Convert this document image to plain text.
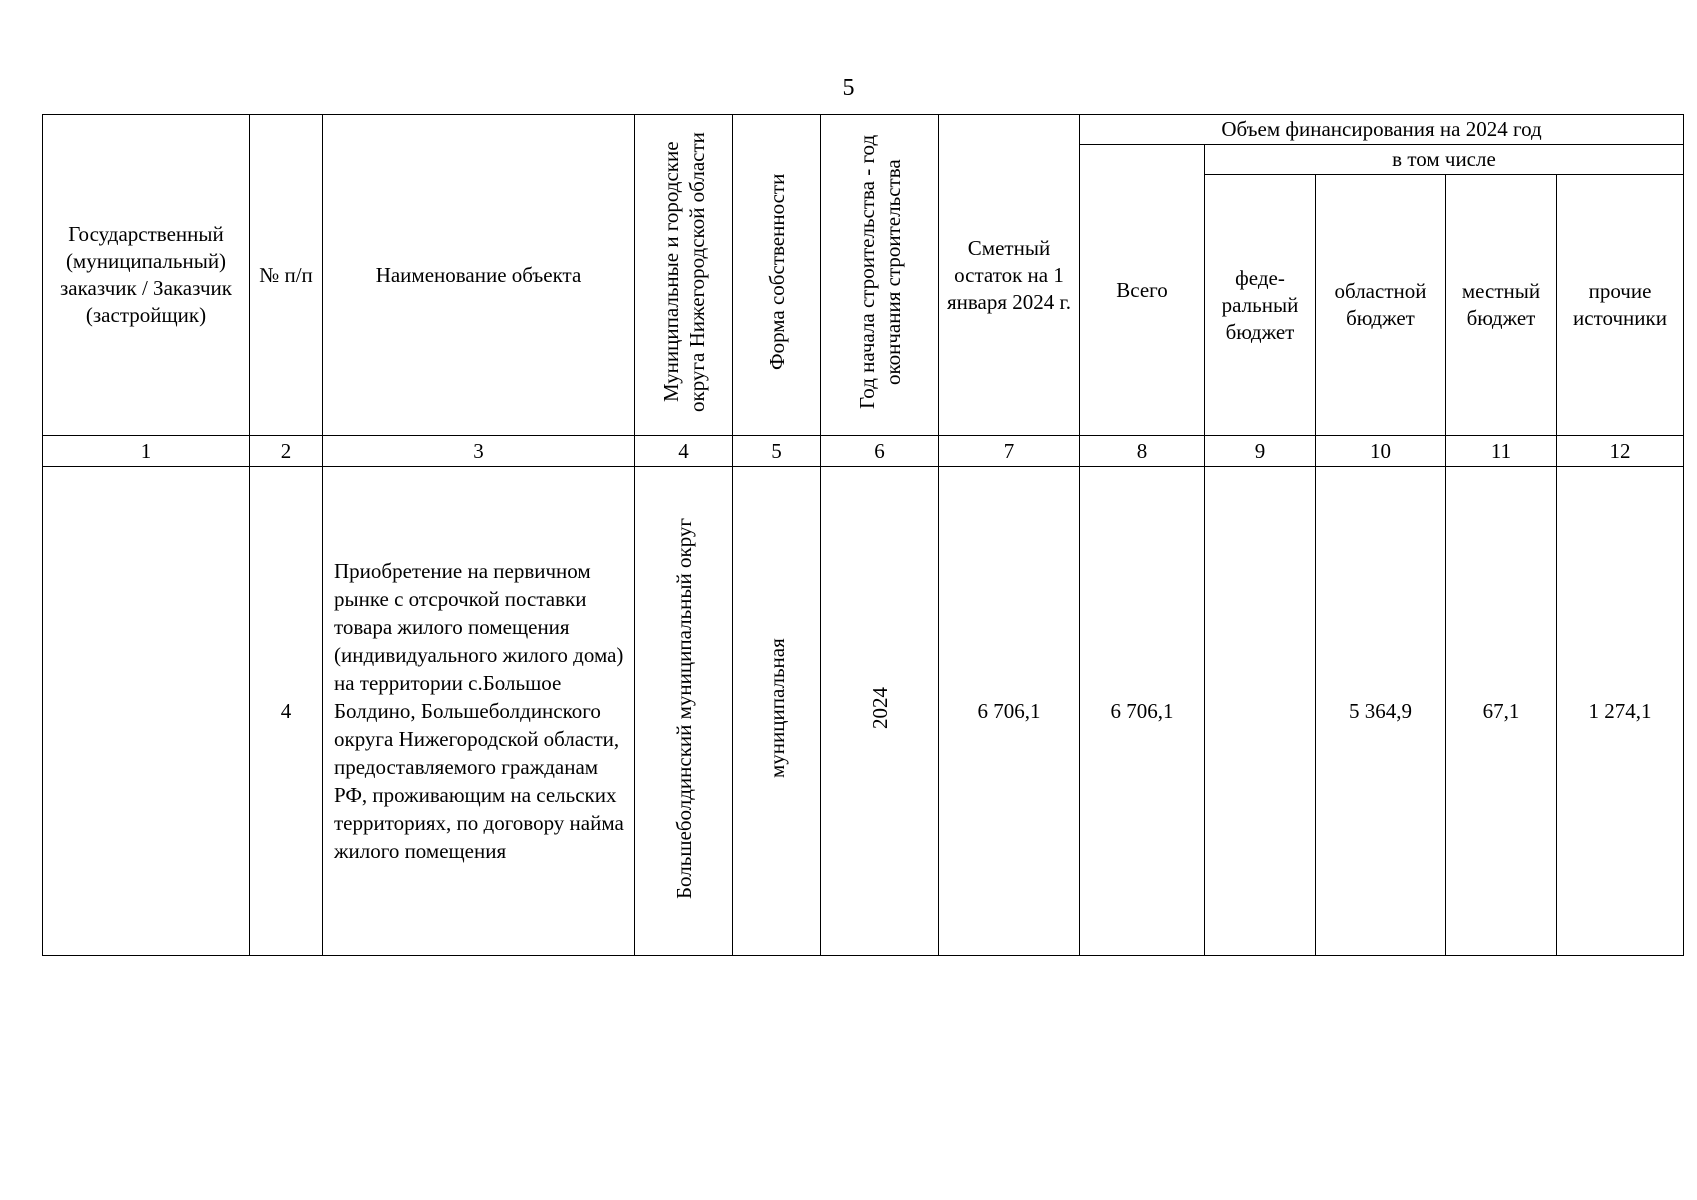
5
Государственный (муниципальный) заказчик / Заказчик (застройщик)	№ п/п	Наименование объекта	Муниципальные и городские округа Нижегородской области	Форма собственности	Год начала строительства - год окончания строительства	Сметный остаток на 1 января 2024 г.	Объем финансирования на 2024 год				
							Всего	в том числе			
								феде-ральный бюджет	областной бюджет	местный бюджет	прочие источники
1	2	3	4	5	6	7	8	9	10	11	12
	4	Приобретение на первичном рынке с отсрочкой поставки товара жилого помещения (индивидуального жилого дома) на территории с.Большое Болдино, Большеболдинского округа Нижегородской области, предоставляемого гражданам РФ, проживающим на сельских территориях, по договору найма жилого помещения	Большеболдинский муниципальный округ	муниципальная	2024	6 706,1	6 706,1		5 364,9	67,1	1 274,1
